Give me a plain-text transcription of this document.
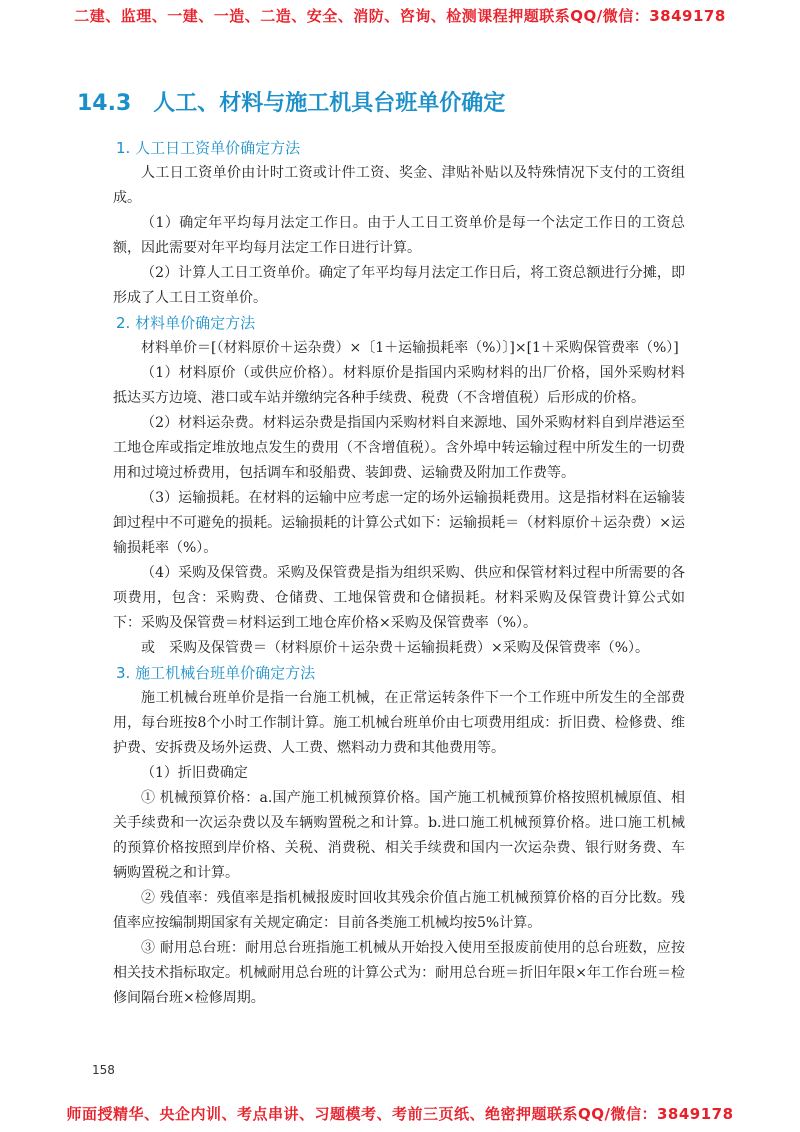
二建、监理、一建、一造、二造、安全、消防、咨询、检测课程押题联系QQ/微信：3849178
14.3 人工、材料与施工机具台班单价确定

1. 人工日工资单价确定方法

人工日工资单价由计时工资或计件工资、奖金、津贴补贴以及特殊情况下支付的工资组成。

（1）确定年平均每月法定工作日。由于人工日工资单价是每一个法定工作日的工资总额，因此需要对年平均每月法定工作日进行计算。

（2）计算人工日工资单价。确定了年平均每月法定工作日后，将工资总额进行分摊，即形成了人工日工资单价。

2. 材料单价确定方法

材料单价＝[（材料原价＋运杂费）×〔1＋运输损耗率（%）〕]×[1＋采购保管费率（%）]

（1）材料原价（或供应价格）。材料原价是指国内采购材料的出厂价格，国外采购材料抵达买方边境、港口或车站并缴纳完各种手续费、税费（不含增值税）后形成的价格。

（2）材料运杂费。材料运杂费是指国内采购材料自来源地、国外采购材料自到岸港运至工地仓库或指定堆放地点发生的费用（不含增值税）。含外埠中转运输过程中所发生的一切费用和过境过桥费用，包括调车和驳船费、装卸费、运输费及附加工作费等。

（3）运输损耗。在材料的运输中应考虑一定的场外运输损耗费用。这是指材料在运输装卸过程中不可避免的损耗。运输损耗的计算公式如下：运输损耗＝（材料原价＋运杂费）×运输损耗率（%）。

（4）采购及保管费。采购及保管费是指为组织采购、供应和保管材料过程中所需要的各项费用，包含：采购费、仓储费、工地保管费和仓储损耗。材料采购及保管费计算公式如下：采购及保管费＝材料运到工地仓库价格×采购及保管费率（%）。

或　采购及保管费＝（材料原价＋运杂费＋运输损耗费）×采购及保管费率（%）。

3. 施工机械台班单价确定方法

施工机械台班单价是指一台施工机械，在正常运转条件下一个工作班中所发生的全部费用，每台班按8个小时工作制计算。施工机械台班单价由七项费用组成：折旧费、检修费、维护费、安拆费及场外运费、人工费、燃料动力费和其他费用等。

（1）折旧费确定

① 机械预算价格：a.国产施工机械预算价格。国产施工机械预算价格按照机械原值、相关手续费和一次运杂费以及车辆购置税之和计算。b.进口施工机械预算价格。进口施工机械的预算价格按照到岸价格、关税、消费税、相关手续费和国内一次运杂费、银行财务费、车辆购置税之和计算。

② 残值率：残值率是指机械报废时回收其残余价值占施工机械预算价格的百分比数。残值率应按编制期国家有关规定确定：目前各类施工机械均按5%计算。

③ 耐用总台班：耐用总台班指施工机械从开始投入使用至报废前使用的总台班数，应按相关技术指标取定。机械耐用总台班的计算公式为：耐用总台班＝折旧年限×年工作台班＝检修间隔台班×检修周期。

158
师面授精华、央企内训、考点串讲、习题模考、考前三页纸、绝密押题联系QQ/微信：3849178
